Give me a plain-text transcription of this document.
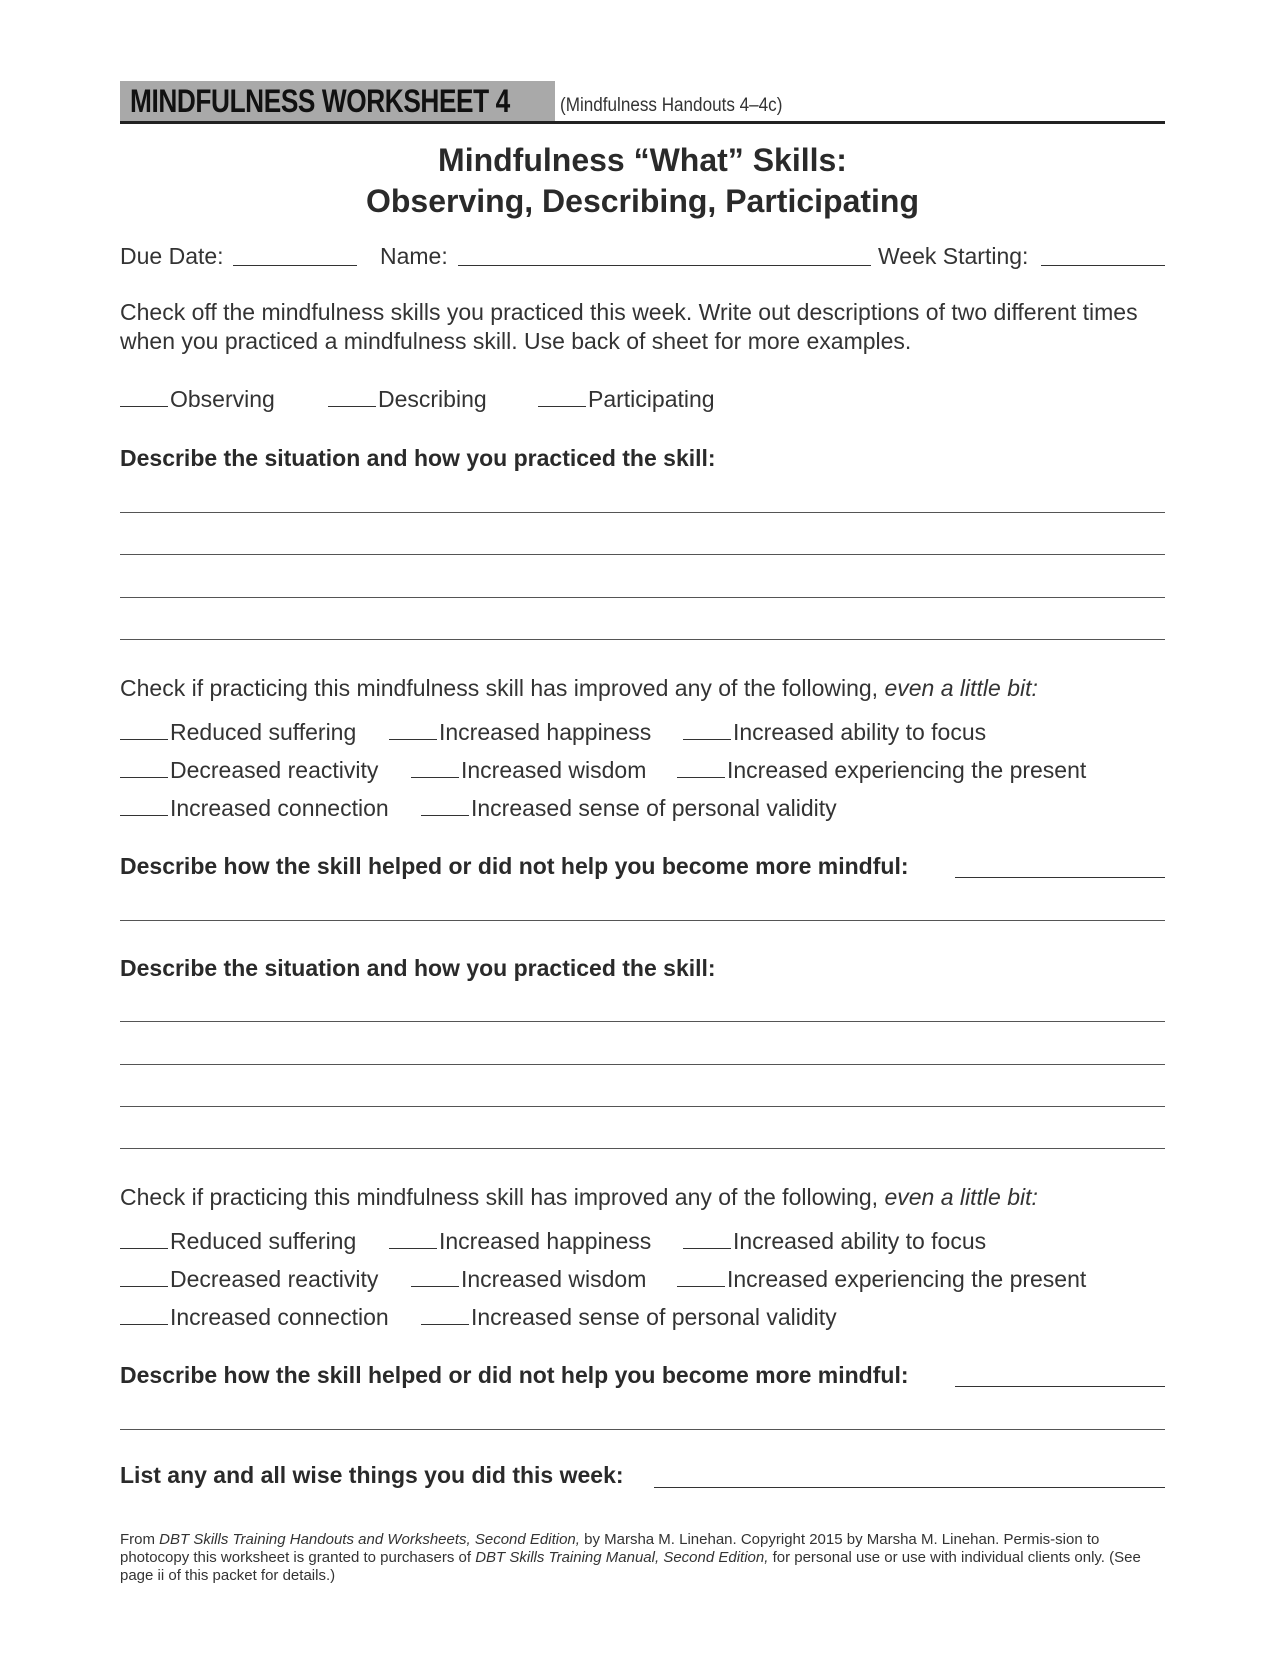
MINDFULNESS WORKSHEET 4	(Mindfulness Handouts 4–4c)
Mindfulness “What” Skills:
Observing, Describing, Participating
Due Date:	Name:	Week Starting:
Check off the mindfulness skills you practiced this week. Write out descriptions of two different times
when you practiced a mindfulness skill. Use back of sheet for more examples.
Observing	Describing	Participating
Describe the situation and how you practiced the skill:
Check if practicing this mindfulness skill has improved any of the following, even a little bit:
Reduced suffering	Increased happiness	Increased ability to focus
Decreased reactivity	Increased wisdom	Increased experiencing the present
Increased connection	Increased sense of personal validity
Describe how the skill helped or did not help you become more mindful:
Describe the situation and how you practiced the skill:
Check if practicing this mindfulness skill has improved any of the following, even a little bit:
Reduced suffering	Increased happiness	Increased ability to focus
Decreased reactivity	Increased wisdom	Increased experiencing the present
Increased connection	Increased sense of personal validity
Describe how the skill helped or did not help you become more mindful:
List any and all wise things you did this week:
From DBT Skills Training Handouts and Worksheets, Second Edition, by Marsha M. Linehan. Copyright 2015 by Marsha M. Linehan. Permis-sion to photocopy this worksheet is granted to purchasers of DBT Skills Training Manual, Second Edition, for personal use or use with individual clients only. (See page ii of this packet for details.)
